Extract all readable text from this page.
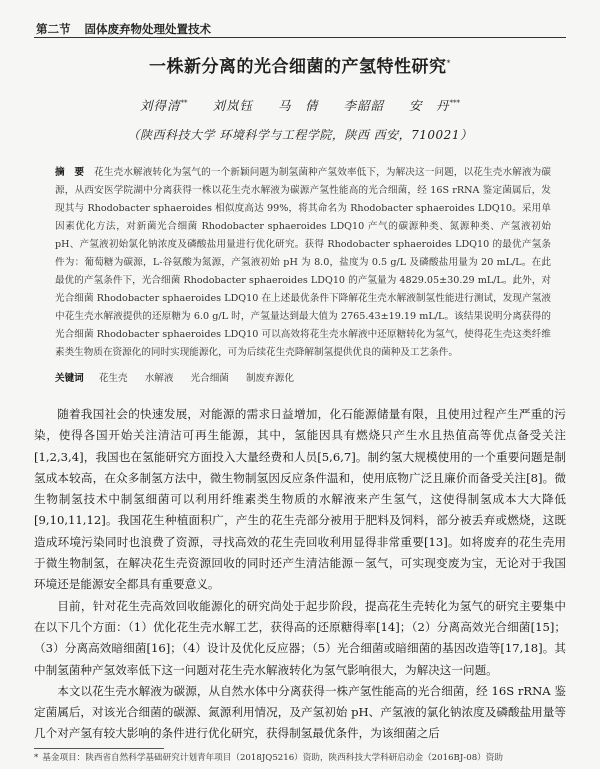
第二节 固体废弃物处理处置技术
一株新分离的光合细菌的产氢特性研究*
刘得清** 刘岚钰 马　倩 李韶韶 安　丹***
（陕西科技大学 环境科学与工程学院，陕西 西安，710021）

摘　要 花生壳水解液转化为氢气的一个新颖问题为制氢菌种产氢效率低下，为解决这一问题，以花生壳水解液为碳源，从西安医学院湖中分离获得一株以花生壳水解液为碳源产氢性能高的光合细菌，经 16S rRNA 鉴定菌属后，发现其与 Rhodobacter sphaeroides 相似度高达 99%，将其命名为 Rhodobacter sphaeroides LDQ10。采用单因素优化方法，对新菌光合细菌 Rhodobacter sphaeroides LDQ10 产气的碳源种类、氮源种类、产氢液初始 pH、产氢液初始氯化钠浓度及磷酸盐用量进行优化研究。获得 Rhodobacter sphaeroides LDQ10 的最优产氢条件为：葡萄糖为碳源，L-谷氨酸为氮源，产氢液初始 pH 为 8.0，盐度为 0.5 g/L 及磷酸盐用量为 20 mL/L。在此最优的产氢条件下，光合细菌 Rhodobacter sphaeroides LDQ10 的产氢量为 4829.05±30.29 mL/L。此外，对光合细菌 Rhodobacter sphaeroides LDQ10 在上述最优条件下降解花生壳水解液制氢性能进行测试，发现产氢液中花生壳水解液提供的还原糖为 6.0 g/L 时，产氢量达到最大值为 2765.43±19.19 mL/L。该结果说明分离获得的光合细菌 Rhodobacter sphaeroides LDQ10 可以高效将花生壳水解液中还原糖转化为氢气，使得花生壳这类纤维素类生物质在资源化的同时实现能源化，可为后续花生壳降解制氢提供优良的菌种及工艺条件。

关键词 花生壳 水解液 光合细菌 制废弃源化

随着我国社会的快速发展，对能源的需求日益增加，化石能源储量有限，且使用过程产生严重的污染，使得各国开始关注清洁可再生能源，其中，氢能因具有燃烧只产生水且热值高等优点备受关注[1,2,3,4]，我国也在氢能研究方面投入大量经费和人员[5,6,7]。制约氢大规模使用的一个重要问题是制氢成本较高，在众多制氢方法中，微生物制氢因反应条件温和，使用底物广泛且廉价而备受关注[8]。微生物制氢技术中制氢细菌可以利用纤维素类生物质的水解液来产生氢气，这使得制氢成本大大降低[9,10,11,12]。我国花生种植面积广，产生的花生壳部分被用于肥料及饲料，部分被丢弃或燃烧，这既造成环境污染同时也浪费了资源，寻找高效的花生壳回收利用显得非常重要[13]。如将废弃的花生壳用于微生物制氢，在解决花生壳资源回收的同时还产生清洁能源－氢气，可实现变废为宝，无论对于我国环境还是能源安全都具有重要意义。

目前，针对花生壳高效回收能源化的研究尚处于起步阶段，提高花生壳转化为氢气的研究主要集中在以下几个方面：（1）优化花生壳水解工艺，获得高的还原糖得率[14]；（2）分离高效光合细菌[15]；（3）分离高效暗细菌[16]；（4）设计及优化反应器；（5）光合细菌或暗细菌的基因改造等[17,18]。其中制氢菌种产氢效率低下这一问题对花生壳水解液转化为氢气影响很大，为解决这一问题。

本文以花生壳水解液为碳源，从自然水体中分离获得一株产氢性能高的光合细菌，经 16S rRNA 鉴定菌属后，对该光合细菌的碳源、氮源利用情况，及产氢初始 pH、产氢液的氯化钠浓度及磷酸盐用量等几个对产氢有较大影响的条件进行优化研究，获得制氢最优条件，为该细菌之后

* 基金项目：陕西省自然科学基础研究计划青年项目（2018JQ5216）资助，陕西科技大学科研启动金（2016BJ-08）资助
